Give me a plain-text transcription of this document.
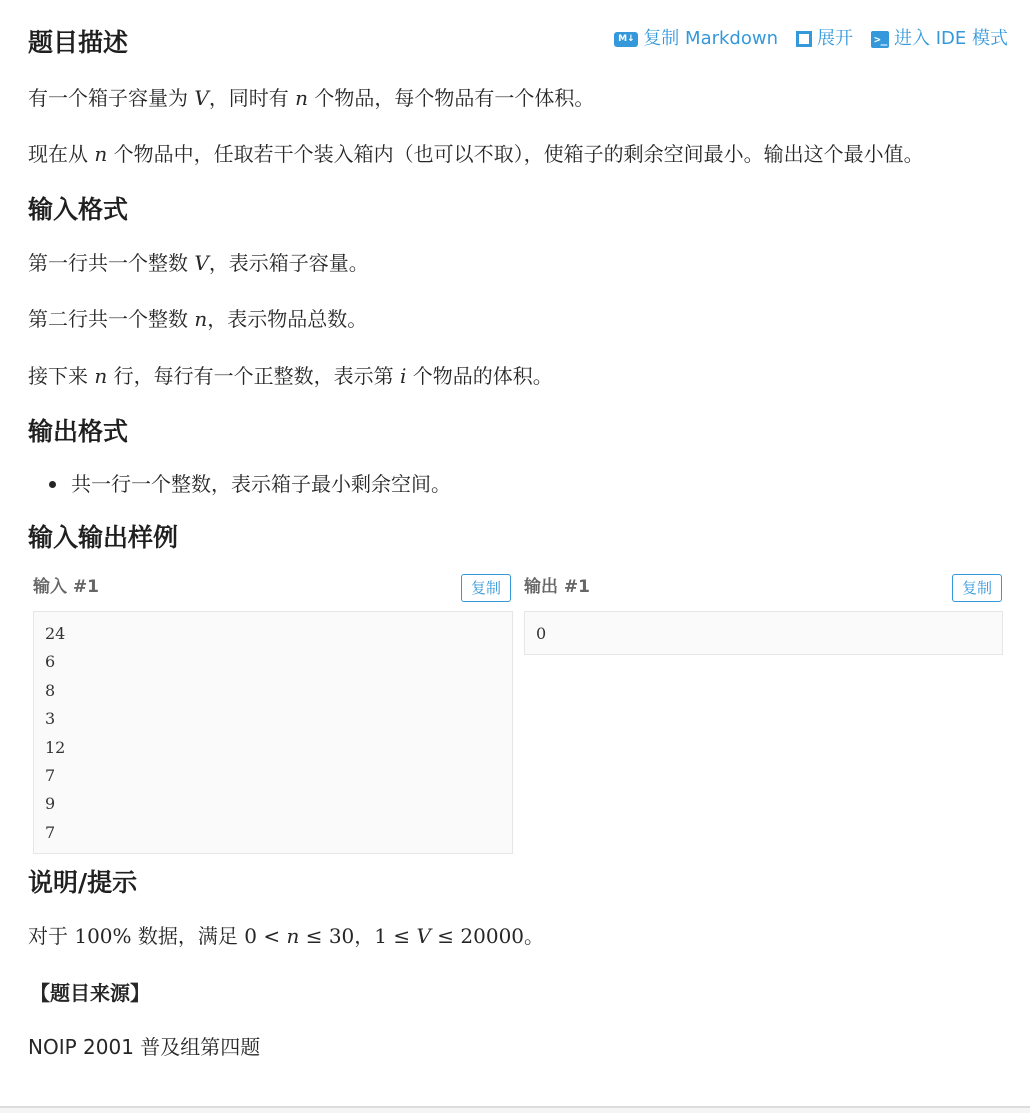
M↓ 复制 Markdown 展开 >_ 进入 IDE 模式
题目描述

有一个箱子容量为 V，同时有 n 个物品，每个物品有一个体积。

现在从 n 个物品中，任取若干个装入箱内（也可以不取），使箱子的剩余空间最小。输出这个最小值。

输入格式

第一行共一个整数 V，表示箱子容量。

第二行共一个整数 n，表示物品总数。

接下来 n 行，每行有一个正整数，表示第 i 个物品的体积。

输出格式
共一行一个整数，表示箱子最小剩余空间。
输入输出样例
输入 #1	复制
24
6
8
3
12
7
9
7
输出 #1	复制
0
说明/提示

对于 100% 数据，满足 0 < n ≤ 30，1 ≤ V ≤ 20000。

【题目来源】

NOIP 2001 普及组第四题
